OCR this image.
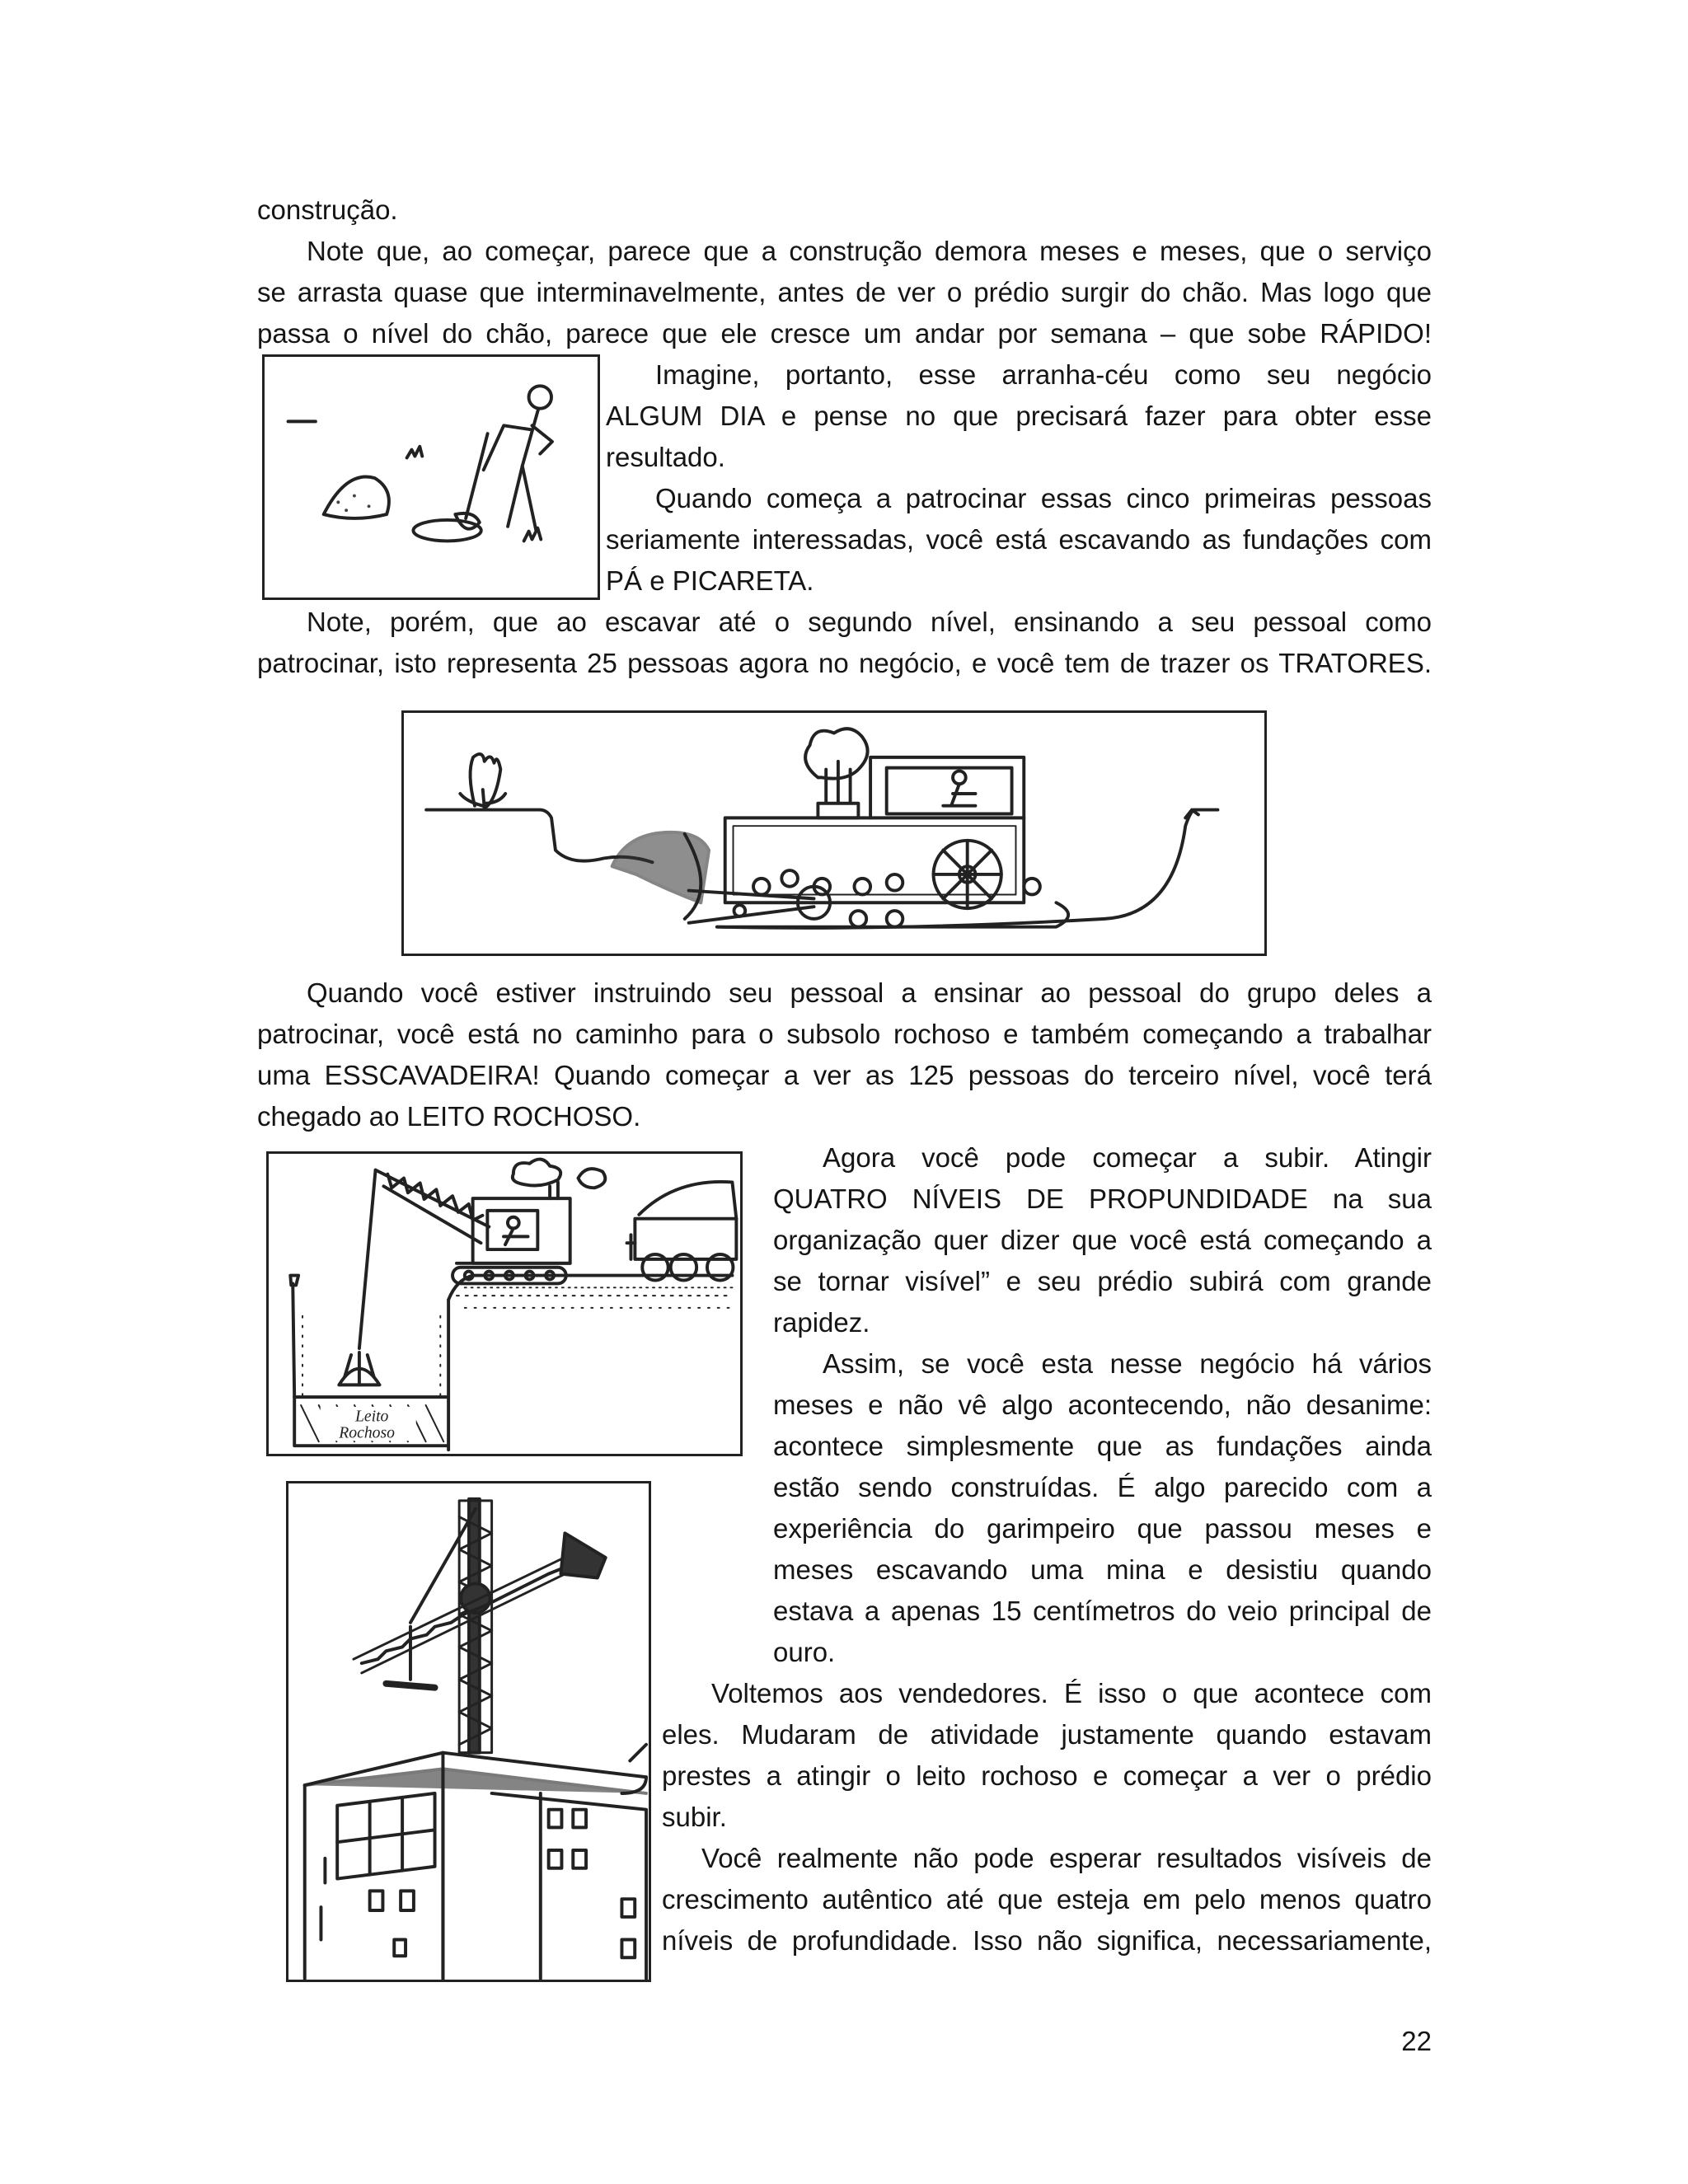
construção.

Note que, ao começar, parece que a construção demora meses e meses, que o serviço

se arrasta quase que interminavelmente, antes de ver o prédio surgir do chão. Mas logo que

passa o nível do chão, parece que ele cresce um andar por semana – que sobe RÁPIDO!

Imagine, portanto, esse arranha-céu como seu negócio

ALGUM DIA e pense no que precisará fazer para obter esse

resultado.

Quando começa a patrocinar essas cinco primeiras pessoas

seriamente interessadas, você está escavando as fundações com

PÁ e PICARETA.

Note, porém, que ao escavar até o segundo nível, ensinando a seu pessoal como

patrocinar, isto representa 25 pessoas agora no negócio, e você tem de trazer os TRATORES.

Quando você estiver instruindo seu pessoal a ensinar ao pessoal do grupo deles a

patrocinar, você está no caminho para o subsolo rochoso e também começando a trabalhar

uma ESSCAVADEIRA! Quando começar a ver as 125 pessoas do terceiro nível, você terá

chegado ao LEITO ROCHOSO.

Agora você pode começar a subir. Atingir

QUATRO NÍVEIS DE PROPUNDIDADE na sua

organização quer dizer que você está começando a

se tornar visível” e seu prédio subirá com grande

rapidez.

Assim, se você esta nesse negócio há vários

meses e não vê algo acontecendo, não desanime:

acontece simplesmente que as fundações ainda

estão sendo construídas. É algo parecido com a

experiência do garimpeiro que passou meses e

meses escavando uma mina e desistiu quando

estava a apenas 15 centímetros do veio principal de

ouro.

Voltemos aos vendedores. É isso o que acontece com

eles. Mudaram de atividade justamente quando estavam

prestes a atingir o leito rochoso e começar a ver o prédio

subir.

Você realmente não pode esperar resultados visíveis de

crescimento autêntico até que esteja em pelo menos quatro

níveis de profundidade. Isso não significa, necessariamente,

22
Leito
Rochoso
